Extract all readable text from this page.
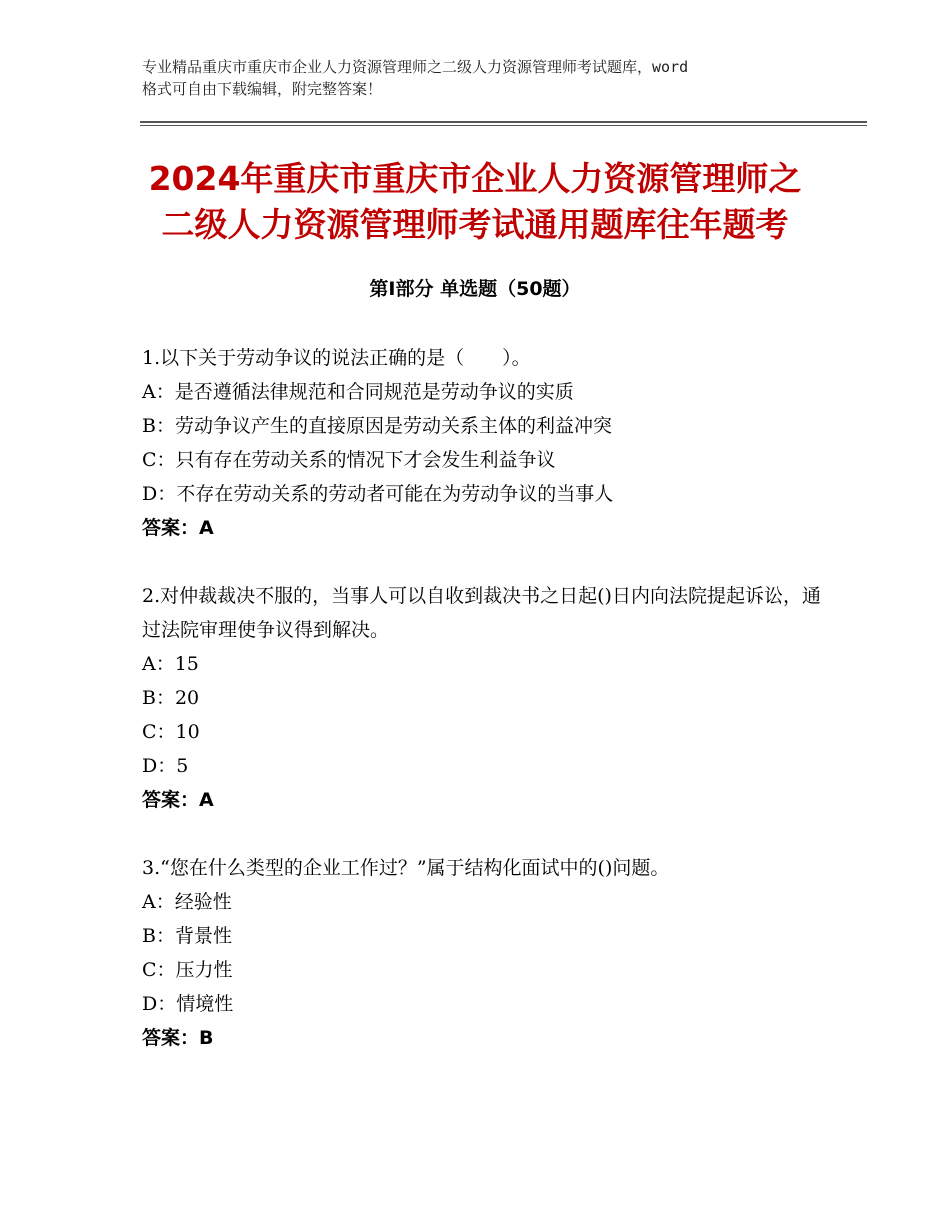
专业精品重庆市重庆市企业人力资源管理师之二级人力资源管理师考试题库，word
格式可自由下载编辑，附完整答案！
2024年重庆市重庆市企业人力资源管理师之
二级人力资源管理师考试通用题库往年题考
第Ⅰ部分 单选题（50题）
1.以下关于劳动争议的说法正确的是（　　）。
A：是否遵循法律规范和合同规范是劳动争议的实质
B：劳动争议产生的直接原因是劳动关系主体的利益冲突
C：只有存在劳动关系的情况下才会发生利益争议
D：不存在劳动关系的劳动者可能在为劳动争议的当事人
答案：A
2.对仲裁裁决不服的，当事人可以自收到裁决书之日起()日内向法院提起诉讼，通过法院审理使争议得到解决。
A：15
B：20
C：10
D：5
答案：A
3.“您在什么类型的企业工作过？”属于结构化面试中的()问题。
A：经验性
B：背景性
C：压力性
D：情境性
答案：B
